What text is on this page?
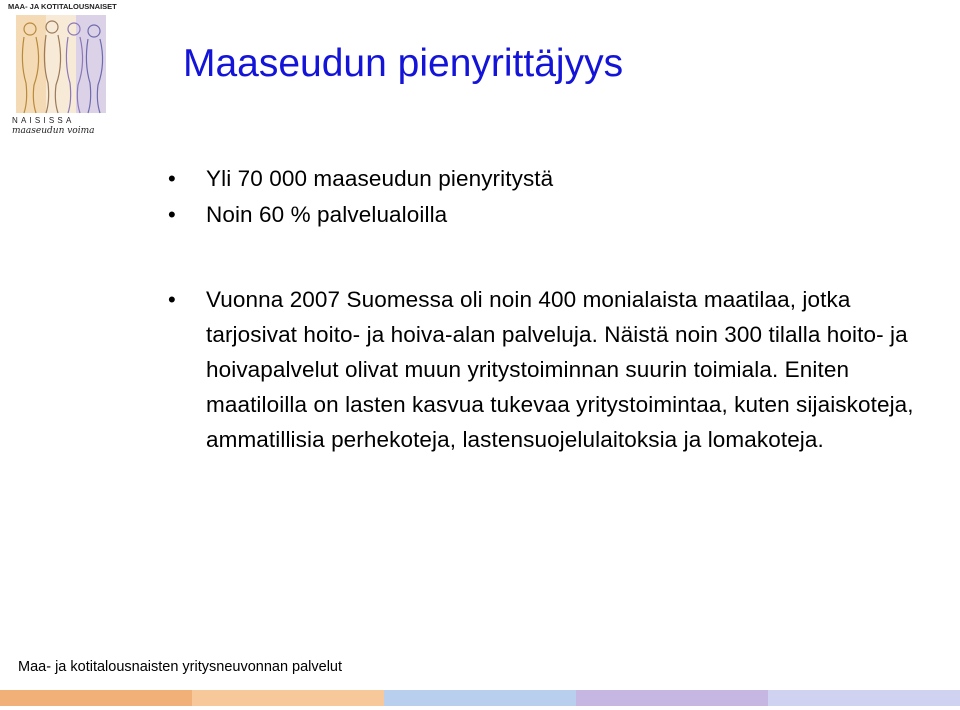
MAA- JA KOTITALOUSNAISET
NAISISSA
maaseudun voima
Maaseudun pienyrittäjyys
• Yli 70 000 maaseudun pienyritystä
• Noin 60 % palvelualoilla
• Vuonna 2007 Suomessa oli noin 400 monialaista maatilaa, jotka tarjosivat hoito- ja hoiva-alan palveluja. Näistä noin 300 tilalla hoito- ja hoivapalvelut olivat muun yritystoiminnan suurin toimiala. Eniten maatiloilla on lasten kasvua tukevaa yritystoimintaa, kuten sijaiskoteja, ammatillisia perhekoteja, lastensuojelulaitoksia ja lomakoteja.
Maa- ja kotitalousnaisten yritysneuvonnan palvelut
